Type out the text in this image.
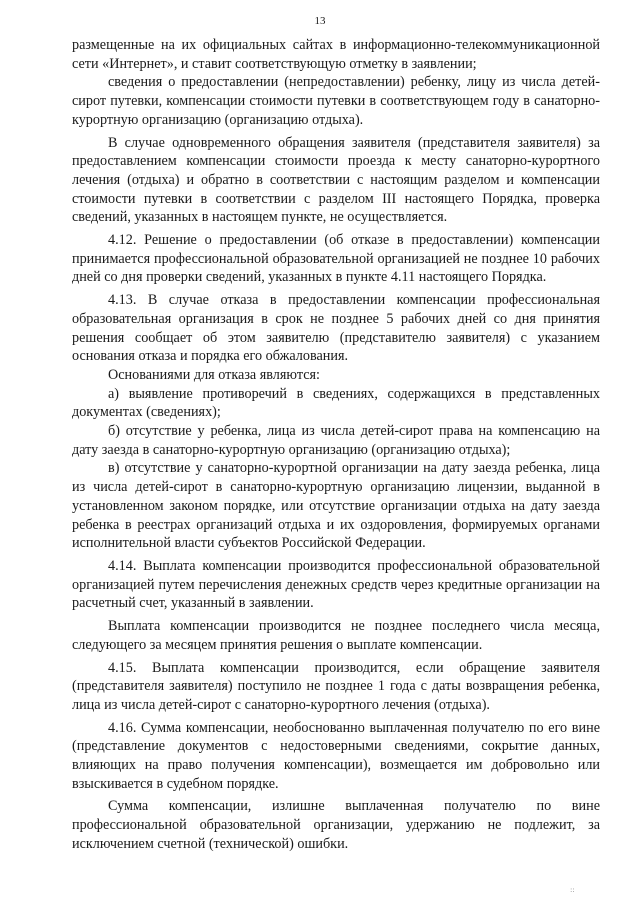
13

размещенные на их официальных сайтах в информационно-телекоммуникационной сети «Интернет», и ставит соответствующую отметку в заявлении;

сведения о предоставлении (непредоставлении) ребенку, лицу из числа детей-сирот путевки, компенсации стоимости путевки в соответствующем году в санаторно-курортную организацию (организацию отдыха).

В случае одновременного обращения заявителя (представителя заявителя) за предоставлением компенсации стоимости проезда к месту санаторно-курортного лечения (отдыха) и обратно в соответствии с настоящим разделом и компенсации стоимости путевки в соответствии с разделом III настоящего Порядка, проверка сведений, указанных в настоящем пункте, не осуществляется.

4.12. Решение о предоставлении (об отказе в предоставлении) компенсации принимается профессиональной образовательной организацией не позднее 10 рабочих дней со дня проверки сведений, указанных в пункте 4.11 настоящего Порядка.

4.13. В случае отказа в предоставлении компенсации профессиональная образовательная организация в срок не позднее 5 рабочих дней со дня принятия решения сообщает об этом заявителю (представителю заявителя) с указанием основания отказа и порядка его обжалования.

Основаниями для отказа являются:

а) выявление противоречий в сведениях, содержащихся в представленных документах (сведениях);

б) отсутствие у ребенка, лица из числа детей-сирот права на компенсацию на дату заезда в санаторно-курортную организацию (организацию отдыха);

в) отсутствие у санаторно-курортной организации на дату заезда ребенка, лица из числа детей-сирот в санаторно-курортную организацию лицензии, выданной в установленном законом порядке, или отсутствие организации отдыха на дату заезда ребенка в реестрах организаций отдыха и их оздоровления, формируемых органами исполнительной власти субъектов Российской Федерации.

4.14. Выплата компенсации производится профессиональной образовательной организацией путем перечисления денежных средств через кредитные организации на расчетный счет, указанный в заявлении.

Выплата компенсации производится не позднее последнего числа месяца, следующего за месяцем принятия решения о выплате компенсации.

4.15. Выплата компенсации производится, если обращение заявителя (представителя заявителя) поступило не позднее 1 года с даты возвращения ребенка, лица из числа детей-сирот с санаторно-курортного лечения (отдыха).

4.16. Сумма компенсации, необоснованно выплаченная получателю по его вине (представление документов с недостоверными сведениями, сокрытие данных, влияющих на право получения компенсации), возмещается им добровольно или взыскивается в судебном порядке.

Сумма компенсации, излишне выплаченная получателю по вине профессиональной образовательной организации, удержанию не подлежит, за исключением счетной (технической) ошибки.

::
